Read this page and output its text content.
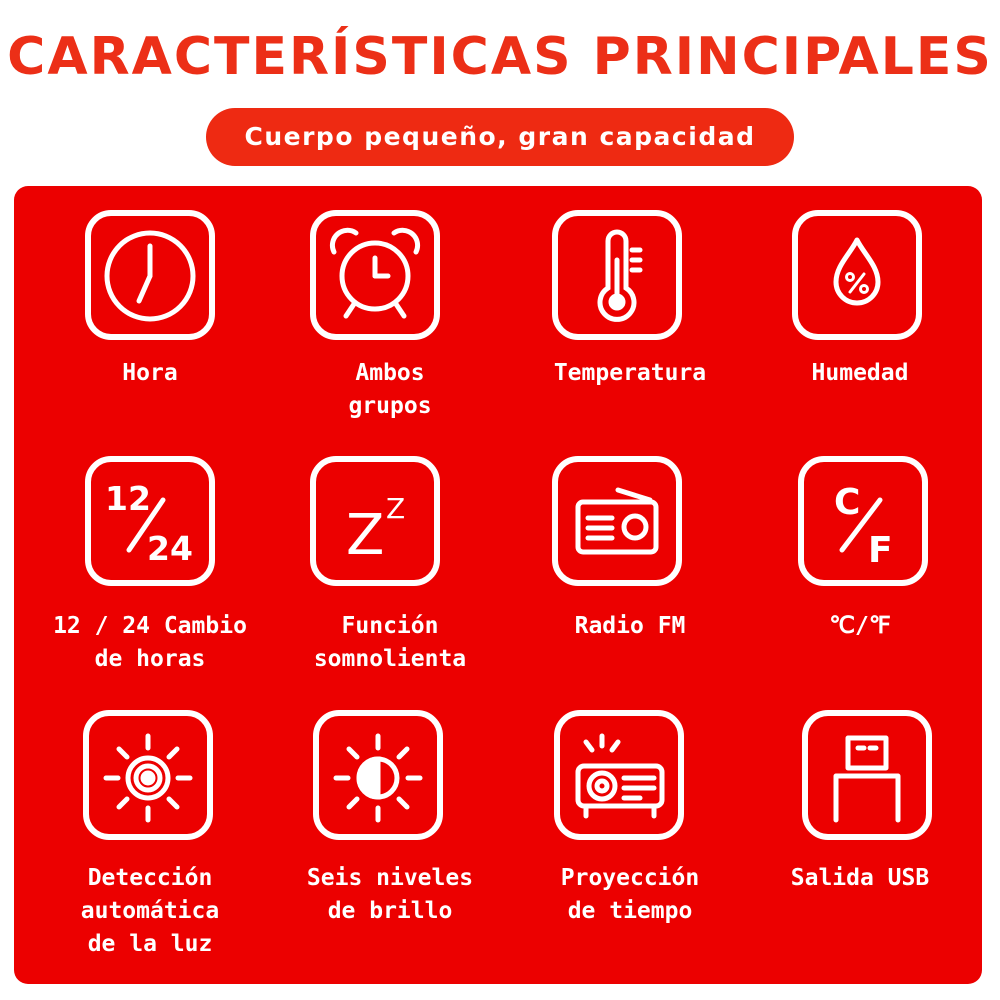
CARACTERÍSTICAS PRINCIPALES
Cuerpo pequeño, gran capacidad
Hora	Ambos
grupos
Temperatura	Humedad
12
24
12 / 24 Cambio
de horas
Z Z
Función
somnolienta
Radio FM
C
F
℃/℉
Detección
automática
de la luz
Seis niveles
de brillo
Proyección
de tiempo
Salida USB
